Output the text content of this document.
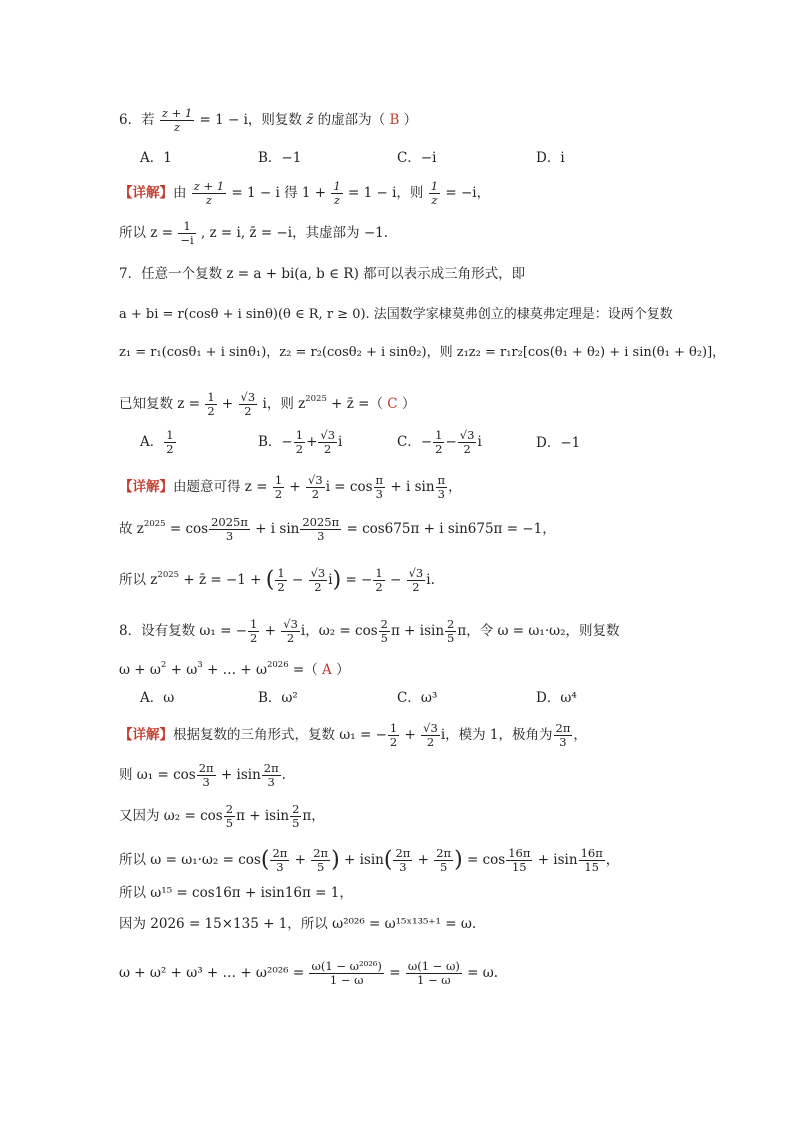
6．若 $\frac{z + 1}{z} = 1 - i$，则复数 z̄ 的虚部为（ B ）
A．1	B．−1	C．−i	D．i
【详解】由 $\frac{z + 1}{z} = 1 - i$ 得 $1 + \frac{1}{z} = 1 - i$，则 $\frac{1}{z} = -i$，
所以 $z = \frac{1}{-i}$ , z = i, z̄ = −i，其虚部为 −1.
7．任意一个复数 z = a + bi(a, b ∈ R) 都可以表示成三角形式，即
a + bi = r(cosθ + i sinθ)(θ ∈ R, r ≥ 0). 法国数学家棣莫弗创立的棣莫弗定理是：设两个复数
z₁ = r₁(cosθ₁ + i sinθ₁)，z₂ = r₂(cosθ₂ + i sinθ₂)，则 z₁z₂ = r₁r₂[cos(θ₁ + θ₂) + i sin(θ₁ + θ₂)]，
已知复数 $z = \frac{1}{2} + \frac{√3}{2}$ i，则 $z^{2025}$ + z̄ =（ C ）
A． $\frac{1}{2}$	B．− $\frac{1}{2} + \frac{√3}{2}$ i	C．− $\frac{1}{2} - \frac{√3}{2}$ i	D．−1
【详解】由题意可得 $z = \frac{1}{2} + \frac{√3}{2}$ $i = \cos \frac{\pi}{3} + i$ $\sin \frac{\pi}{3}$ ，
故 $z^{2025} = \cos \frac{2025\pi}{3} + i$ $\sin \frac{2025\pi}{3} = \cos 675\pi + i$ sin675π = −1，
所以 $z^{2025}$ + z̄ = −1 + ( $\frac{1}{2} - \frac{√3}{2} i$) = − $\frac{1}{2} - \frac{√3}{2} i$.
8．设有复数 ω₁ = − $\frac{1}{2} + \frac{√3}{2}$ i，$\omega_2 = \cos \frac{2}{5}$ π + isin $\frac{2}{5}$ π，令 ω = ω₁·ω₂，则复数
$\omega + \omega^2 + \omega^3$ + … + $\omega^{2026}$ =（ A ）
A．ω	B．ω²	C．ω³	D．ω⁴
【详解】根据复数的三角形式，复数 ω₁ = − $\frac{1}{2} + \frac{√3}{2}$ i，模为 1，极角为 $\frac{2\pi}{3}$ ，
则 $\omega_1 = \cos \frac{2\pi}{3} + isin \frac{2\pi}{3}$ .
又因为 $\omega_2 = \cos \frac{2}{5}$ π + isin $\frac{2}{5}$ π，
所以 $\omega = \omega_1\cdot\omega_2 = \cos( \frac{2\pi}{3} + \frac{2\pi}{5}$ ) + $isin( \frac{2\pi}{3} + \frac{2\pi}{5}$ ) = $\cos \frac{16\pi}{15} + isin \frac{16\pi}{15}$ ，
所以 ω¹⁵ = cos16π + isin16π = 1，
因为 2026 = 15×135 + 1，所以 ω²⁰²⁶ = ω¹⁵ˣ¹³⁵⁺¹ = ω.
ω + ω² + ω³ + … + $\omega^{2026} = \frac{\text{ω(1 − ω²⁰²⁶)}}{1 - \omega} = \frac{\omega(1 - \omega)}{1 - \omega} = \omega$.
